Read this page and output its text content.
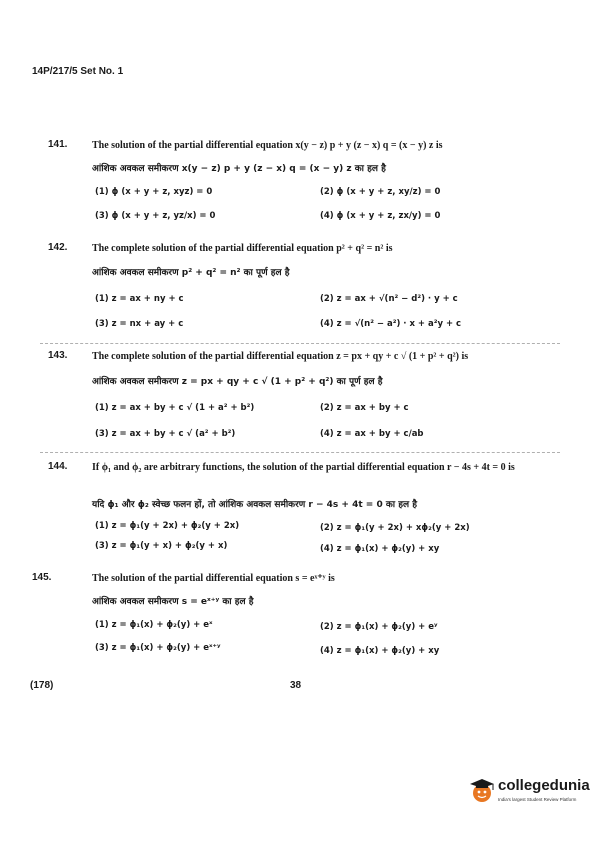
14P/217/5 Set No. 1
141. The solution of the partial differential equation x(y − z) p + y (z − x) q = (x − y) z is
आंशिक अवकल समीकरण x(y − z) p + y (z − x) q = (x − y) z का हल है
(1) ϕ (x + y + z, xyz) = 0	(2) ϕ (x + y + z, xy/z) = 0
(3) ϕ (x + y + z, yz/x) = 0	(4) ϕ (x + y + z, zx/y) = 0
142. The complete solution of the partial differential equation p² + q² = n² is
आंशिक अवकल समीकरण p² + q² = n² का पूर्ण हल है
(1) z = ax + ny + c	(2) z = ax + √(n² − d²) · y + c
(3) z = nx + ay + c	(4) z = √(n² − a²) · x + a²y + c
143. The complete solution of the partial differential equation z = px + qy + c √ (1 + p² + q²) is
आंशिक अवकल समीकरण z = px + qy + c √ (1 + p² + q²) का पूर्ण हल है
(1) z = ax + by + c √ (1 + a² + b²)	(2) z = ax + by + c
(3) z = ax + by + c √ (a² + b²)	(4) z = ax + by + c/ab
144. If ϕ₁ and ϕ₂ are arbitrary functions, the solution of the partial differential equation r − 4s + 4t = 0 is
यदि ϕ₁ और ϕ₂ स्वेच्छ फलन हों, तो आंशिक अवकल समीकरण r − 4s + 4t = 0 का हल है
(1) z = ϕ₁(y + 2x) + ϕ₂(y + 2x)	(2) z = ϕ₁(y + 2x) + xϕ₂(y + 2x)
(3) z = ϕ₁(y + x) + ϕ₂(y + x)	(4) z = ϕ₁(x) + ϕ₂(y) + xy
145.	The solution of the partial differential equation s = eˣ⁺ʸ is
आंशिक अवकल समीकरण s = eˣ⁺ʸ का हल है
(1) z = ϕ₁(x) + ϕ₂(y) + eˣ	(2) z = ϕ₁(x) + ϕ₂(y) + eʸ
(3) z = ϕ₁(x) + ϕ₂(y) + eˣ⁺ʸ	(4) z = ϕ₁(x) + ϕ₂(y) + xy
(178)	38
collegedunia
India's largest Student Review Platform
